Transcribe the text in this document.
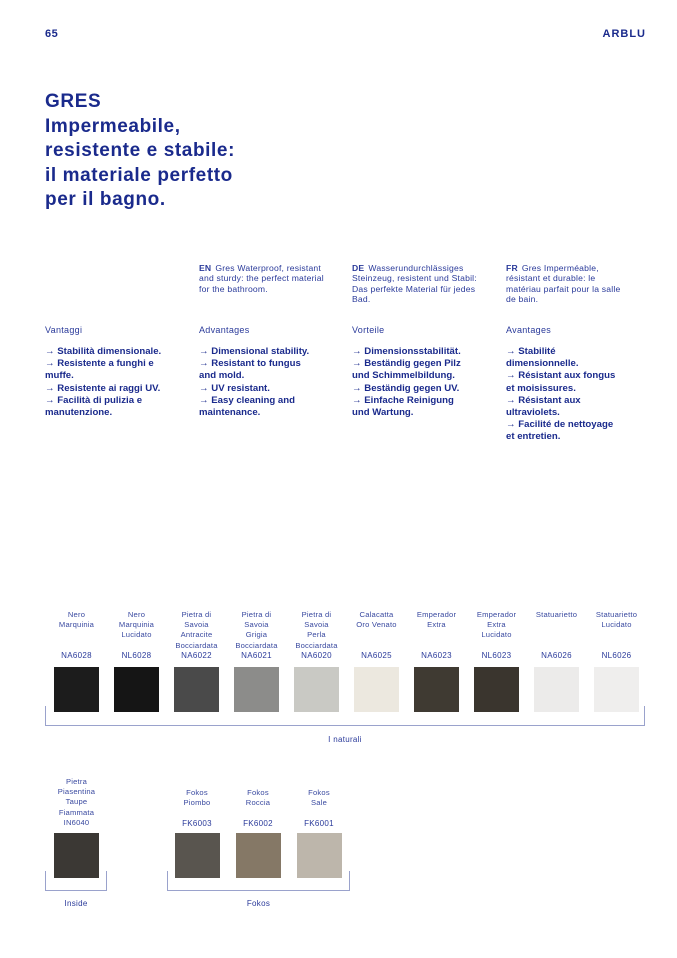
65	ARBLU
GRES
Impermeabile,
resistente e stabile:
il materiale perfetto
per il bagno.
EN Gres Waterproof, resistant and sturdy: the perfect material for the bathroom.
DE Wasserundurchlässiges Steinzeug, resistent und Stabil: Das perfekte Material für jedes Bad.
FR Gres Imperméable, résistant et durable: le matériau parfait pour la salle de bain.
Vantaggi	Advantages	Vorteile	Avantages
→ Stabilità dimensionale.
→ Resistente a funghi e
muffe.
→ Resistente ai raggi UV.
→ Facilità di pulizia e
manutenzione.
→ Dimensional stability.
→ Resistant to fungus
and mold.
→ UV resistant.
→ Easy cleaning and
maintenance.
→ Dimensionsstabilität.
→ Beständig gegen Pilz
und Schimmelbildung.
→ Beständig gegen UV.
→ Einfache Reinigung
und Wartung.
→ Stabilité
dimensionnelle.
→ Résistant aux fongus
et moisissures.
→ Résistant aux
ultraviolets.
→ Facilité de nettoyage
et entretien.
Nero
Marquinia
NA6028
Nero
Marquinia
Lucidato
NL6028
Pietra di
Savoia
Antracite
Bocciardata
NA6022
Pietra di
Savoia
Grigia
Bocciardata
NA6021
Pietra di
Savoia
Perla
Bocciardata
NA6020
Calacatta
Oro Venato
NA6025
Emperador
Extra
NA6023
Emperador
Extra
Lucidato
NL6023
Statuarietto
NA6026
Statuarietto
Lucidato
NL6026
Pietra
Piasentina
Taupe
Fiammata
IN6040
Fokos
Piombo
FK6003
Fokos
Roccia
FK6002
Fokos
Sale
FK6001
I naturali
Inside	Fokos
